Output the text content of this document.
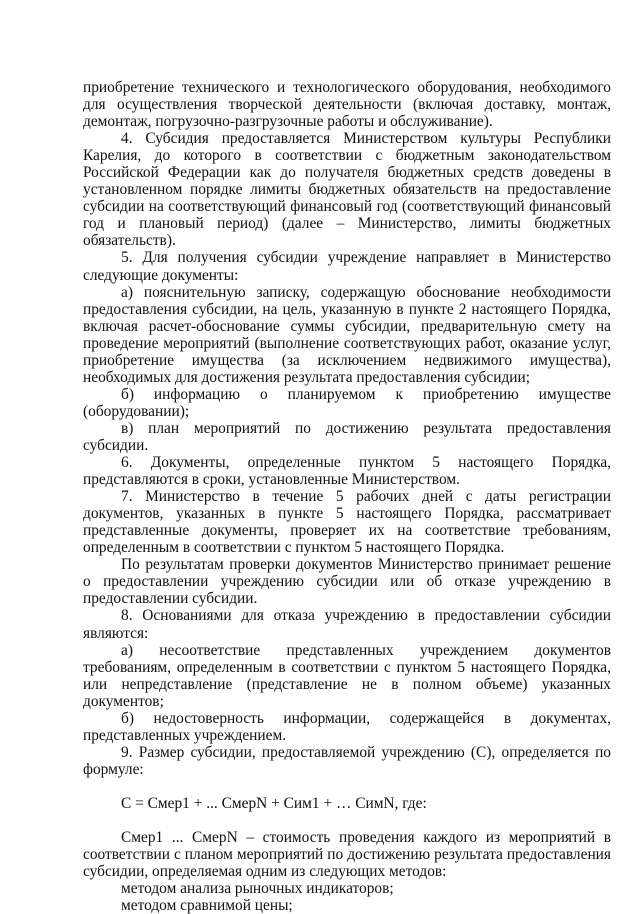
приобретение технического и технологического оборудования, необходимого для осуществления творческой деятельности (включая доставку, монтаж, демонтаж, погрузочно-разгрузочные работы и обслуживание).

4. Субсидия предоставляется Министерством культуры Республики Карелия, до которого в соответствии с бюджетным законодательством Российской Федерации как до получателя бюджетных средств доведены в установленном порядке лимиты бюджетных обязательств на предоставление субсидии на соответствующий финансовый год (соответствующий финансовый год и плановый период) (далее – Министерство, лимиты бюджетных обязательств).

5. Для получения субсидии учреждение направляет в Министерство следующие документы:

а) пояснительную записку, содержащую обоснование необходимости предоставления субсидии, на цель, указанную в пункте 2 настоящего Порядка, включая расчет-обоснование суммы субсидии, предварительную смету на проведение мероприятий (выполнение соответствующих работ, оказание услуг, приобретение имущества (за исключением недвижимого имущества), необходимых для достижения результата предоставления субсидии;

б) информацию о планируемом к приобретению имуществе (оборудовании);

в) план мероприятий по достижению результата предоставления субсидии.

6. Документы, определенные пунктом 5 настоящего Порядка, представляются в сроки, установленные Министерством.

7. Министерство в течение 5 рабочих дней с даты регистрации документов, указанных в пункте 5 настоящего Порядка, рассматривает представленные документы, проверяет их на соответствие требованиям, определенным в соответствии с пунктом 5 настоящего Порядка.

По результатам проверки документов Министерство принимает решение о предоставлении учреждению субсидии или об отказе учреждению в предоставлении субсидии.

8. Основаниями для отказа учреждению в предоставлении субсидии являются:

а) несоответствие представленных учреждением документов требованиям, определенным в соответствии с пунктом 5 настоящего Порядка, или непредставление (представление не в полном объеме) указанных документов;

б) недостоверность информации, содержащейся в документах, представленных учреждением.

9. Размер субсидии, предоставляемой учреждению (С), определяется по формуле:

С = Смер1 + ... СмерN + Сим1 + … СимN, где:

Смер1 ... СмерN – стоимость проведения каждого из мероприятий в соответствии с планом мероприятий по достижению результата предоставления субсидии, определяемая одним из следующих методов:

методом анализа рыночных индикаторов;

методом сравнимой цены;
